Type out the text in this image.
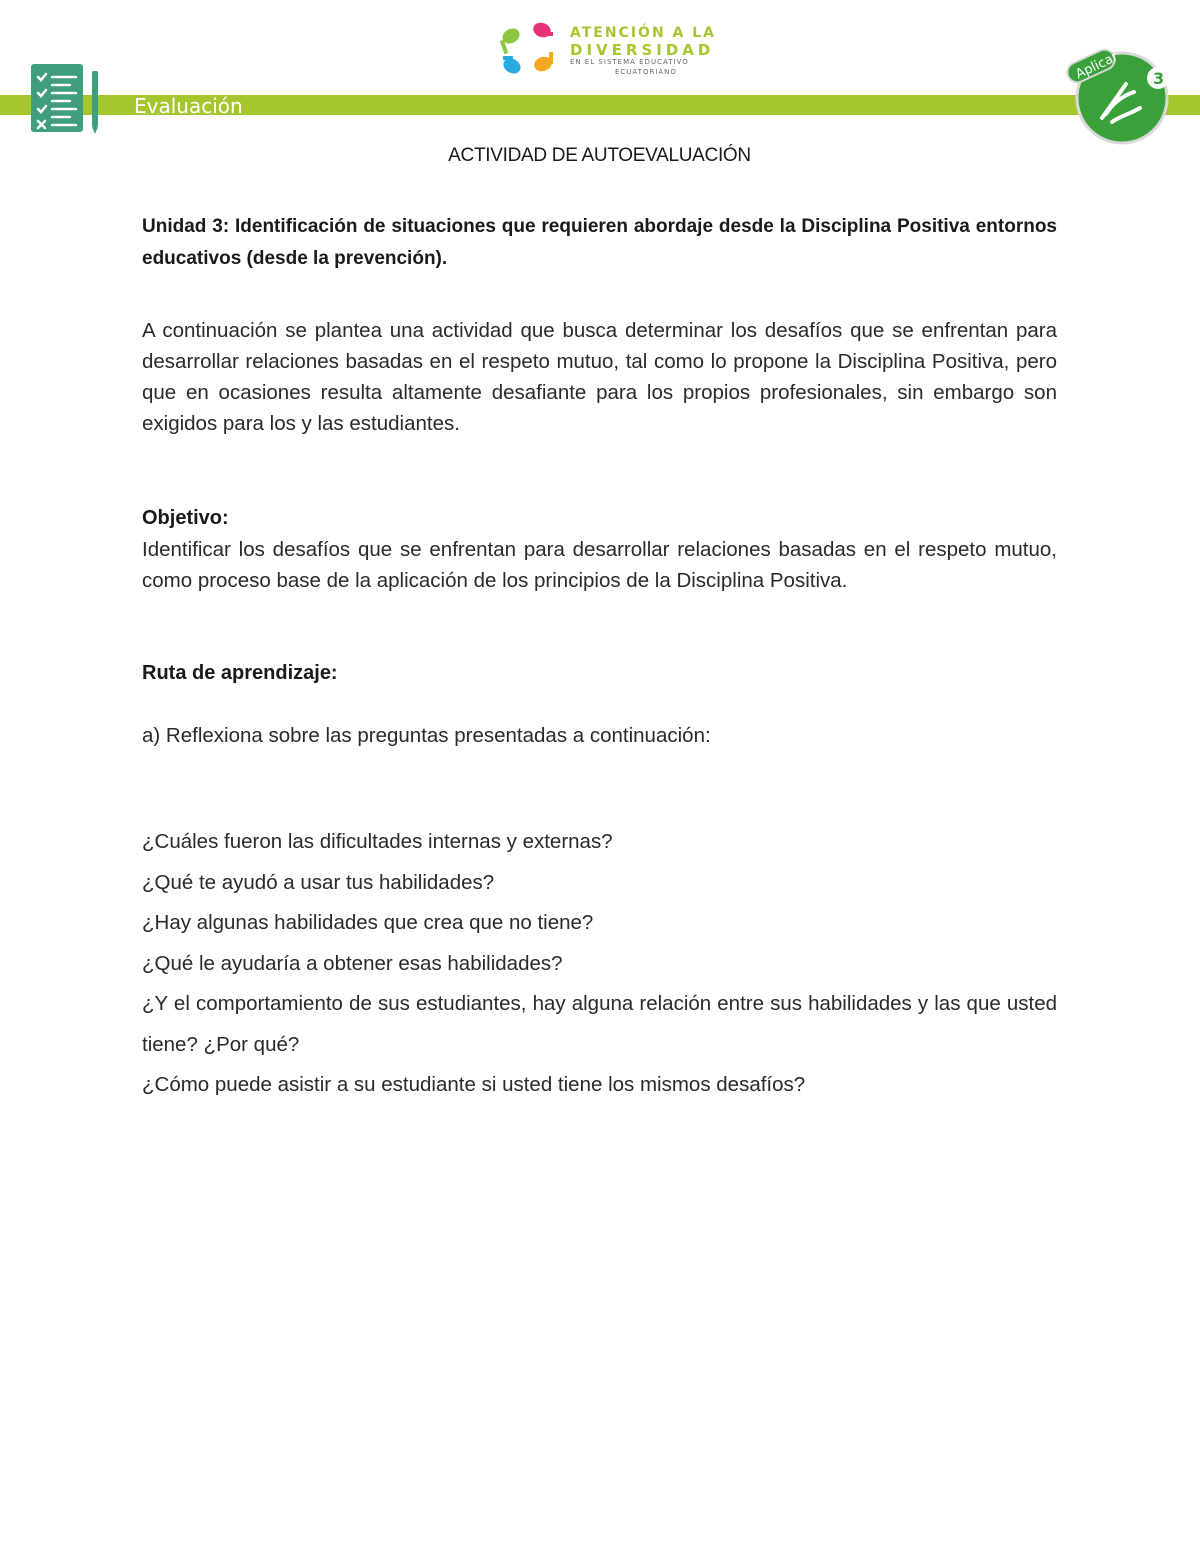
Evaluación
ATENCIÓN A LA
DIVERSIDAD
EN EL SISTEMA EDUCATIVO
ECUATORIANO	Aplicar 3
ACTIVIDAD DE AUTOEVALUACIÓN
Unidad 3: Identificación de situaciones que requieren abordaje desde la Disciplina Positiva entornos educativos (desde la prevención).
A continuación se plantea una actividad que busca determinar los desafíos que se enfrentan para desarrollar relaciones basadas en el respeto mutuo, tal como lo propone la Disciplina Positiva, pero que en ocasiones resulta altamente desafiante para los propios profesionales, sin embargo son exigidos para los y las estudiantes.
Objetivo:
Identificar los desafíos que se enfrentan para desarrollar relaciones basadas en el respeto mutuo, como proceso base de la aplicación de los principios de la Disciplina Positiva.
Ruta de aprendizaje:
a) Reflexiona sobre las preguntas presentadas a continuación:
¿Cuáles fueron las dificultades internas y externas?
¿Qué te ayudó a usar tus habilidades?
¿Hay algunas habilidades que crea que no tiene?
¿Qué le ayudaría a obtener esas habilidades?
¿Y el comportamiento de sus estudiantes, hay alguna relación entre sus habilidades y las que usted tiene? ¿Por qué?
¿Cómo puede asistir a su estudiante si usted tiene los mismos desafíos?
